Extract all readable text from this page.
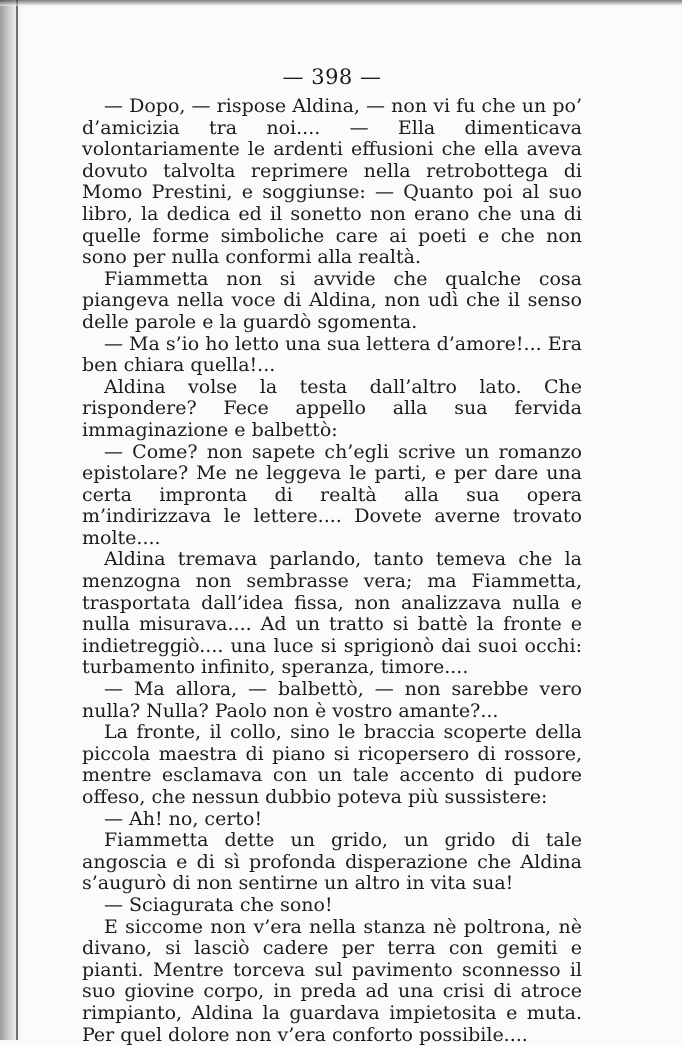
— 398 —

— Dopo, — rispose Aldina, — non vi fu che un po’ d’amicizia tra noi.... — Ella dimenticava volontariamente le ardenti effusioni che ella aveva dovuto talvolta reprimere nella retrobottega di Momo Prestini, e soggiunse: — Quanto poi al suo libro, la dedica ed il sonetto non erano che una di quelle forme simboliche care ai poeti e che non sono per nulla conformi alla realtà.

Fiammetta non si avvide che qualche cosa piangeva nella voce di Aldina, non udì che il senso delle parole e la guardò sgomenta.

— Ma s’io ho letto una sua lettera d’amore!... Era ben chiara quella!...

Aldina volse la testa dall’altro lato. Che rispondere? Fece appello alla sua fervida immaginazione e balbettò:

— Come? non sapete ch’egli scrive un romanzo epistolare? Me ne leggeva le parti, e per dare una certa impronta di realtà alla sua opera m’indirizzava le lettere.... Dovete averne trovato molte....

Aldina tremava parlando, tanto temeva che la menzogna non sembrasse vera; ma Fiammetta, trasportata dall’idea fissa, non analizzava nulla e nulla misurava.... Ad un tratto si battè la fronte e indietreggiò.... una luce si sprigionò dai suoi occhi: turbamento infinito, speranza, timore....

— Ma allora, — balbettò, — non sarebbe vero nulla? Nulla? Paolo non è vostro amante?...

La fronte, il collo, sino le braccia scoperte della piccola maestra di piano si ricopersero di rossore, mentre esclamava con un tale accento di pudore offeso, che nessun dubbio poteva più sussistere:

— Ah! no, certo!

Fiammetta dette un grido, un grido di tale angoscia e di sì profonda disperazione che Aldina s’augurò di non sentirne un altro in vita sua!

— Sciagurata che sono!

E siccome non v’era nella stanza nè poltrona, nè divano, si lasciò cadere per terra con gemiti e pianti. Mentre torceva sul pavimento sconnesso il suo giovine corpo, in preda ad una crisi di atroce rimpianto, Aldina la guardava impietosita e muta. Per quel dolore non v’era conforto possibile....
